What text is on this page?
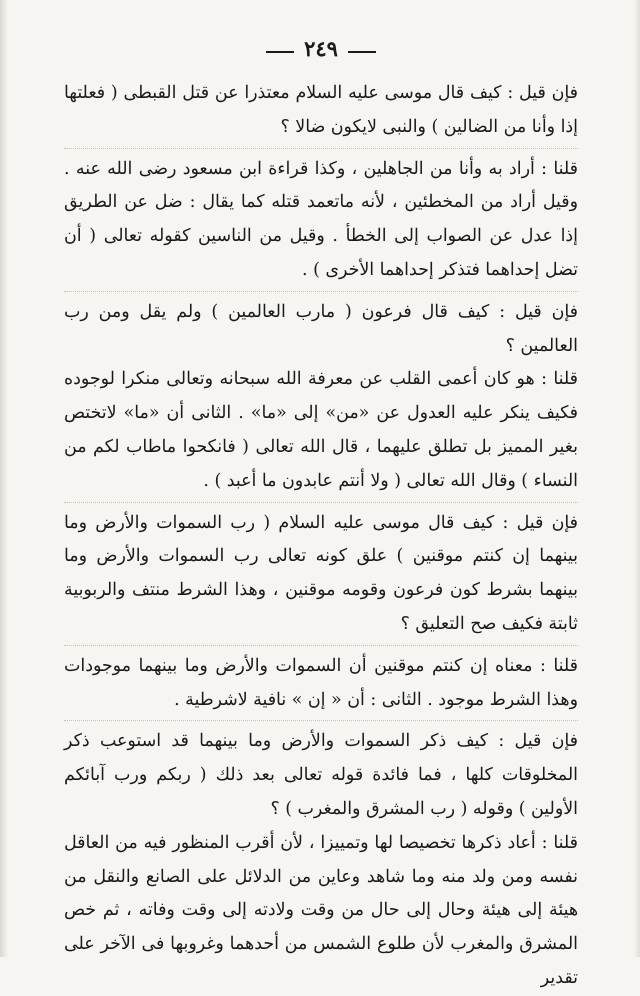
٢٤٩

فإن قيل : كيف قال موسى عليه السلام معتذرا عن قتل القبطى ( فعلتها إذا وأنا من الضالين ) والنبى لايكون ضالا ؟

قلنا : أراد به وأنا من الجاهلين ، وكذا قراءة ابن مسعود رضى الله عنه . وقيل أراد من المخطئين ، لأنه ماتعمد قتله كما يقال : ضل عن الطريق إذا عدل عن الصواب إلى الخطأ . وقيل من الناسين كقوله تعالى ( أن تضل إحداهما فتذكر إحداهما الأخرى ) .

فإن قيل : كيف قال فرعون ( مارب العالمين ) ولم يقل ومن رب العالمين ؟

قلنا : هو كان أعمى القلب عن معرفة الله سبحانه وتعالى منكرا لوجوده فكيف ينكر عليه العدول عن «من» إلى «ما» . الثانى أن «ما» لاتختص بغير المميز بل تطلق عليهما ، قال الله تعالى ( فانكحوا ماطاب لكم من النساء ) وقال الله تعالى ( ولا أنتم عابدون ما أعبد ) .

فإن قيل : كيف قال موسى عليه السلام ( رب السموات والأرض وما بينهما إن كنتم موقنين ) علق كونه تعالى رب السموات والأرض وما بينهما بشرط كون فرعون وقومه موقنين ، وهذا الشرط منتف والربوبية ثابتة فكيف صح التعليق ؟

قلنا : معناه إن كنتم موقنين أن السموات والأرض وما بينهما موجودات وهذا الشرط موجود . الثانى : أن « إن » نافية لاشرطية .

فإن قيل : كيف ذكر السموات والأرض وما بينهما قد استوعب ذكر المخلوقات كلها ، فما فائدة قوله تعالى بعد ذلك ( ربكم ورب آبائكم الأولين ) وقوله ( رب المشرق والمغرب ) ؟

قلنا : أعاد ذكرها تخصيصا لها وتمييزا ، لأن أقرب المنظور فيه من العاقل نفسه ومن ولد منه وما شاهد وعاين من الدلائل على الصانع والنقل من هيئة إلى هيئة وحال إلى حال من وقت ولادته إلى وقت وفاته ، ثم خص المشرق والمغرب لأن طلوع الشمس من أحدهما وغروبها فى الآخر على تقدير
